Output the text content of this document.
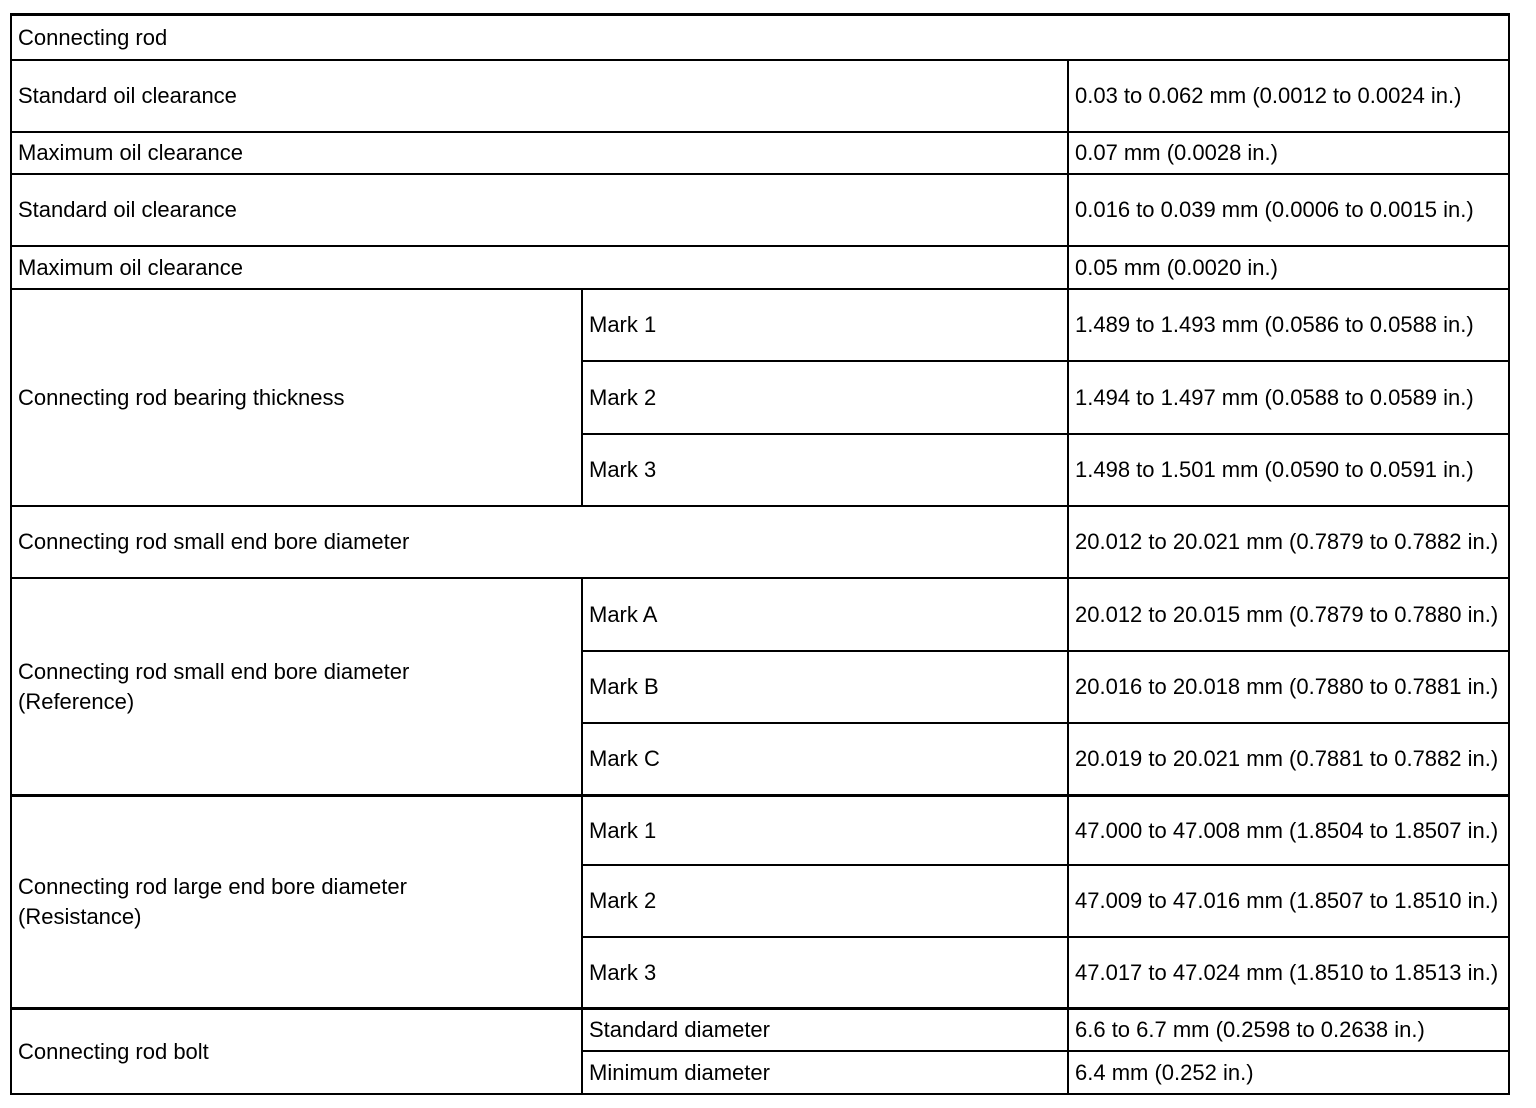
Connecting rod
Standard oil clearance	0.03 to 0.062 mm (0.0012 to 0.0024 in.)
Maximum oil clearance	0.07 mm (0.0028 in.)
Standard oil clearance	0.016 to 0.039 mm (0.0006 to 0.0015 in.)
Maximum oil clearance	0.05 mm (0.0020 in.)
Connecting rod bearing thickness
Mark 1	1.489 to 1.493 mm (0.0586 to 0.0588 in.)
Mark 2	1.494 to 1.497 mm (0.0588 to 0.0589 in.)
Mark 3	1.498 to 1.501 mm (0.0590 to 0.0591 in.)
Connecting rod small end bore diameter	20.012 to 20.021 mm (0.7879 to 0.7882 in.)
Connecting rod small end bore diameter (Reference)
Mark A	20.012 to 20.015 mm (0.7879 to 0.7880 in.)
Mark B	20.016 to 20.018 mm (0.7880 to 0.7881 in.)
Mark C	20.019 to 20.021 mm (0.7881 to 0.7882 in.)
Connecting rod large end bore diameter (Resistance)
Mark 1	47.000 to 47.008 mm (1.8504 to 1.8507 in.)
Mark 2	47.009 to 47.016 mm (1.8507 to 1.8510 in.)
Mark 3	47.017 to 47.024 mm (1.8510 to 1.8513 in.)
Connecting rod bolt
Standard diameter	6.6 to 6.7 mm (0.2598 to 0.2638 in.)
Minimum diameter	6.4 mm (0.252 in.)
